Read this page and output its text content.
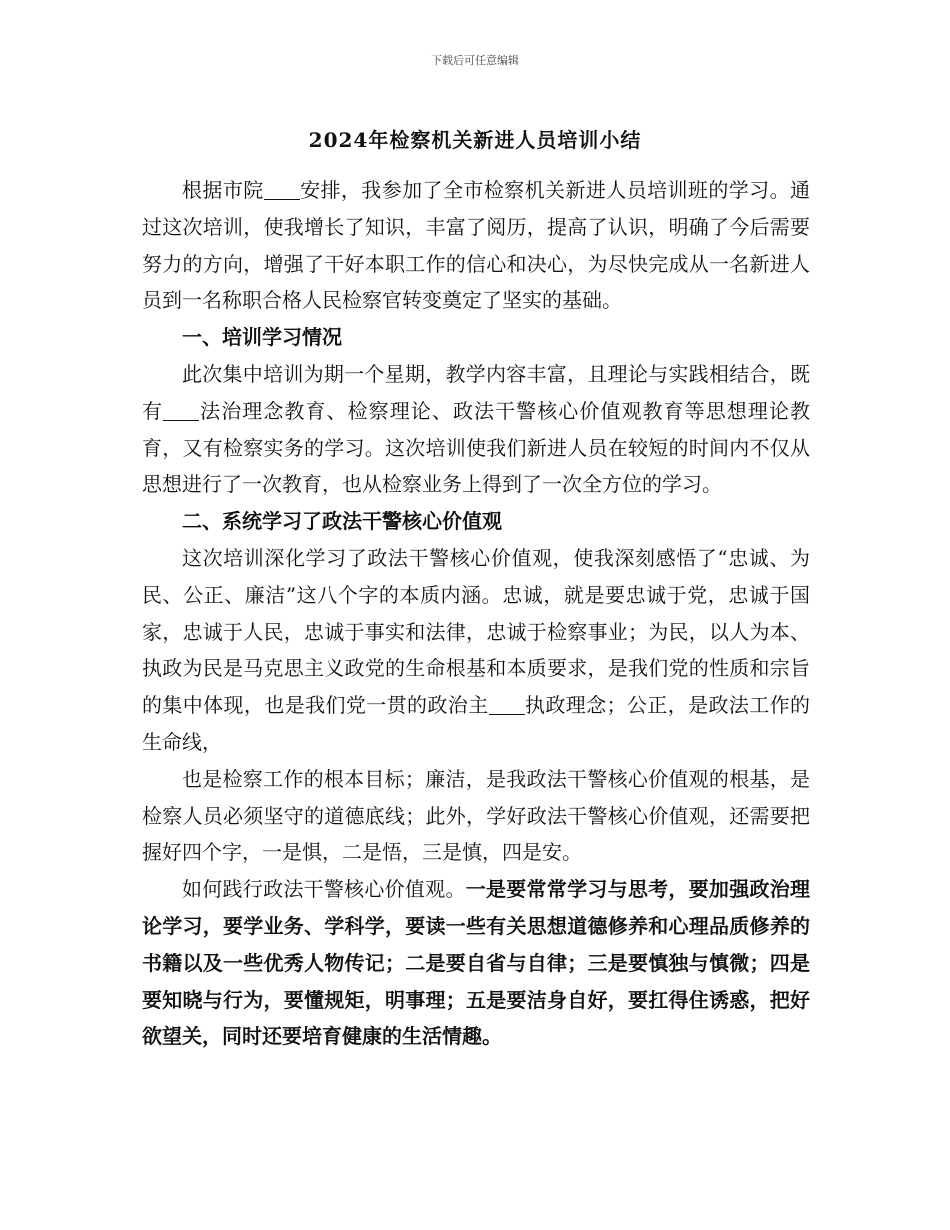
下载后可任意编辑
2024年检察机关新进人员培训小结

根据市院 安排，我参加了全市检察机关新进人员培训班的学习。通过这次培训，使我增长了知识，丰富了阅历，提高了认识，明确了今后需要努力的方向，增强了干好本职工作的信心和决心，为尽快完成从一名新进人员到一名称职合格人民检察官转变奠定了坚实的基础。

一、培训学习情况

此次集中培训为期一个星期，教学内容丰富，且理论与实践相结合，既有 法治理念教育、检察理论、政法干警核心价值观教育等思想理论教育，又有检察实务的学习。这次培训使我们新进人员在较短的时间内不仅从思想进行了一次教育，也从检察业务上得到了一次全方位的学习。

二、系统学习了政法干警核心价值观

这次培训深化学习了政法干警核心价值观，使我深刻感悟了“忠诚、为民、公正、廉洁”这八个字的本质内涵。忠诚，就是要忠诚于党，忠诚于国家，忠诚于人民，忠诚于事实和法律，忠诚于检察事业；为民，以人为本、执政为民是马克思主义政党的生命根基和本质要求，是我们党的性质和宗旨的集中体现，也是我们党一贯的政治主 执政理念；公正，是政法工作的生命线，

也是检察工作的根本目标；廉洁，是我政法干警核心价值观的根基，是检察人员必须坚守的道德底线；此外，学好政法干警核心价值观，还需要把握好四个字，一是惧，二是悟，三是慎，四是安。

如何践行政法干警核心价值观。一是要常常学习与思考，要加强政治理论学习，要学业务、学科学，要读一些有关思想道德修养和心理品质修养的书籍以及一些优秀人物传记；二是要自省与自律；三是要慎独与慎微；四是要知晓与行为，要懂规矩，明事理；五是要洁身自好，要扛得住诱惑，把好欲望关，同时还要培育健康的生活情趣。
